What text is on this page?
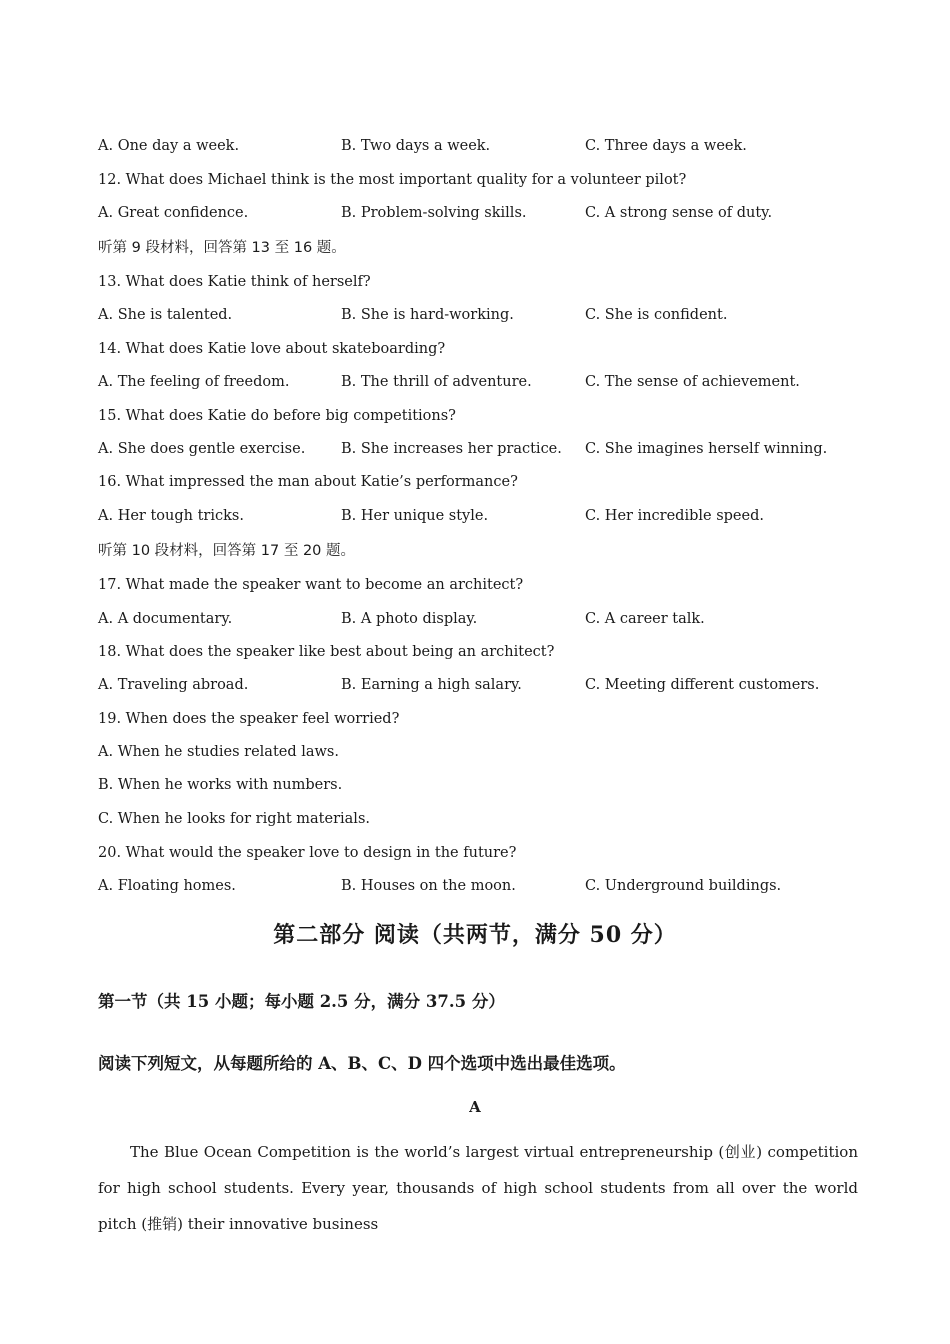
A. One day a week.	B. Two days a week.	C. Three days a week.
12. What does Michael think is the most important quality for a volunteer pilot?
A. Great confidence.	B. Problem-solving skills.	C. A strong sense of duty.
听第 9 段材料，回答第 13 至 16 题。
13. What does Katie think of herself?
A. She is talented.	B. She is hard-working.	C. She is confident.
14. What does Katie love about skateboarding?
A. The feeling of freedom.	B. The thrill of adventure.	C. The sense of achievement.
15. What does Katie do before big competitions?
A. She does gentle exercise. B. She increases her practice. C. She imagines herself winning.
16. What impressed the man about Katie’s performance?
A. Her tough tricks.	B. Her unique style.	C. Her incredible speed.
听第 10 段材料，回答第 17 至 20 题。
17. What made the speaker want to become an architect?
A. A documentary.	B. A photo display.	C. A career talk.
18. What does the speaker like best about being an architect?
A. Traveling abroad.	B. Earning a high salary.	C. Meeting different customers.
19. When does the speaker feel worried?
A. When he studies related laws.
B. When he works with numbers.
C. When he looks for right materials.
20. What would the speaker love to design in the future?
A. Floating homes.	B. Houses on the moon.	C. Underground buildings.
第二部分 阅读（共两节，满分 50 分）
第一节（共 15 小题；每小题 2.5 分，满分 37.5 分）
阅读下列短文，从每题所给的 A、B、C、D 四个选项中选出最佳选项。
A
The Blue Ocean Competition is the world’s largest virtual entrepreneurship (创业) competition for high school students. Every year, thousands of high school students from all over the world pitch (推销) their innovative business
